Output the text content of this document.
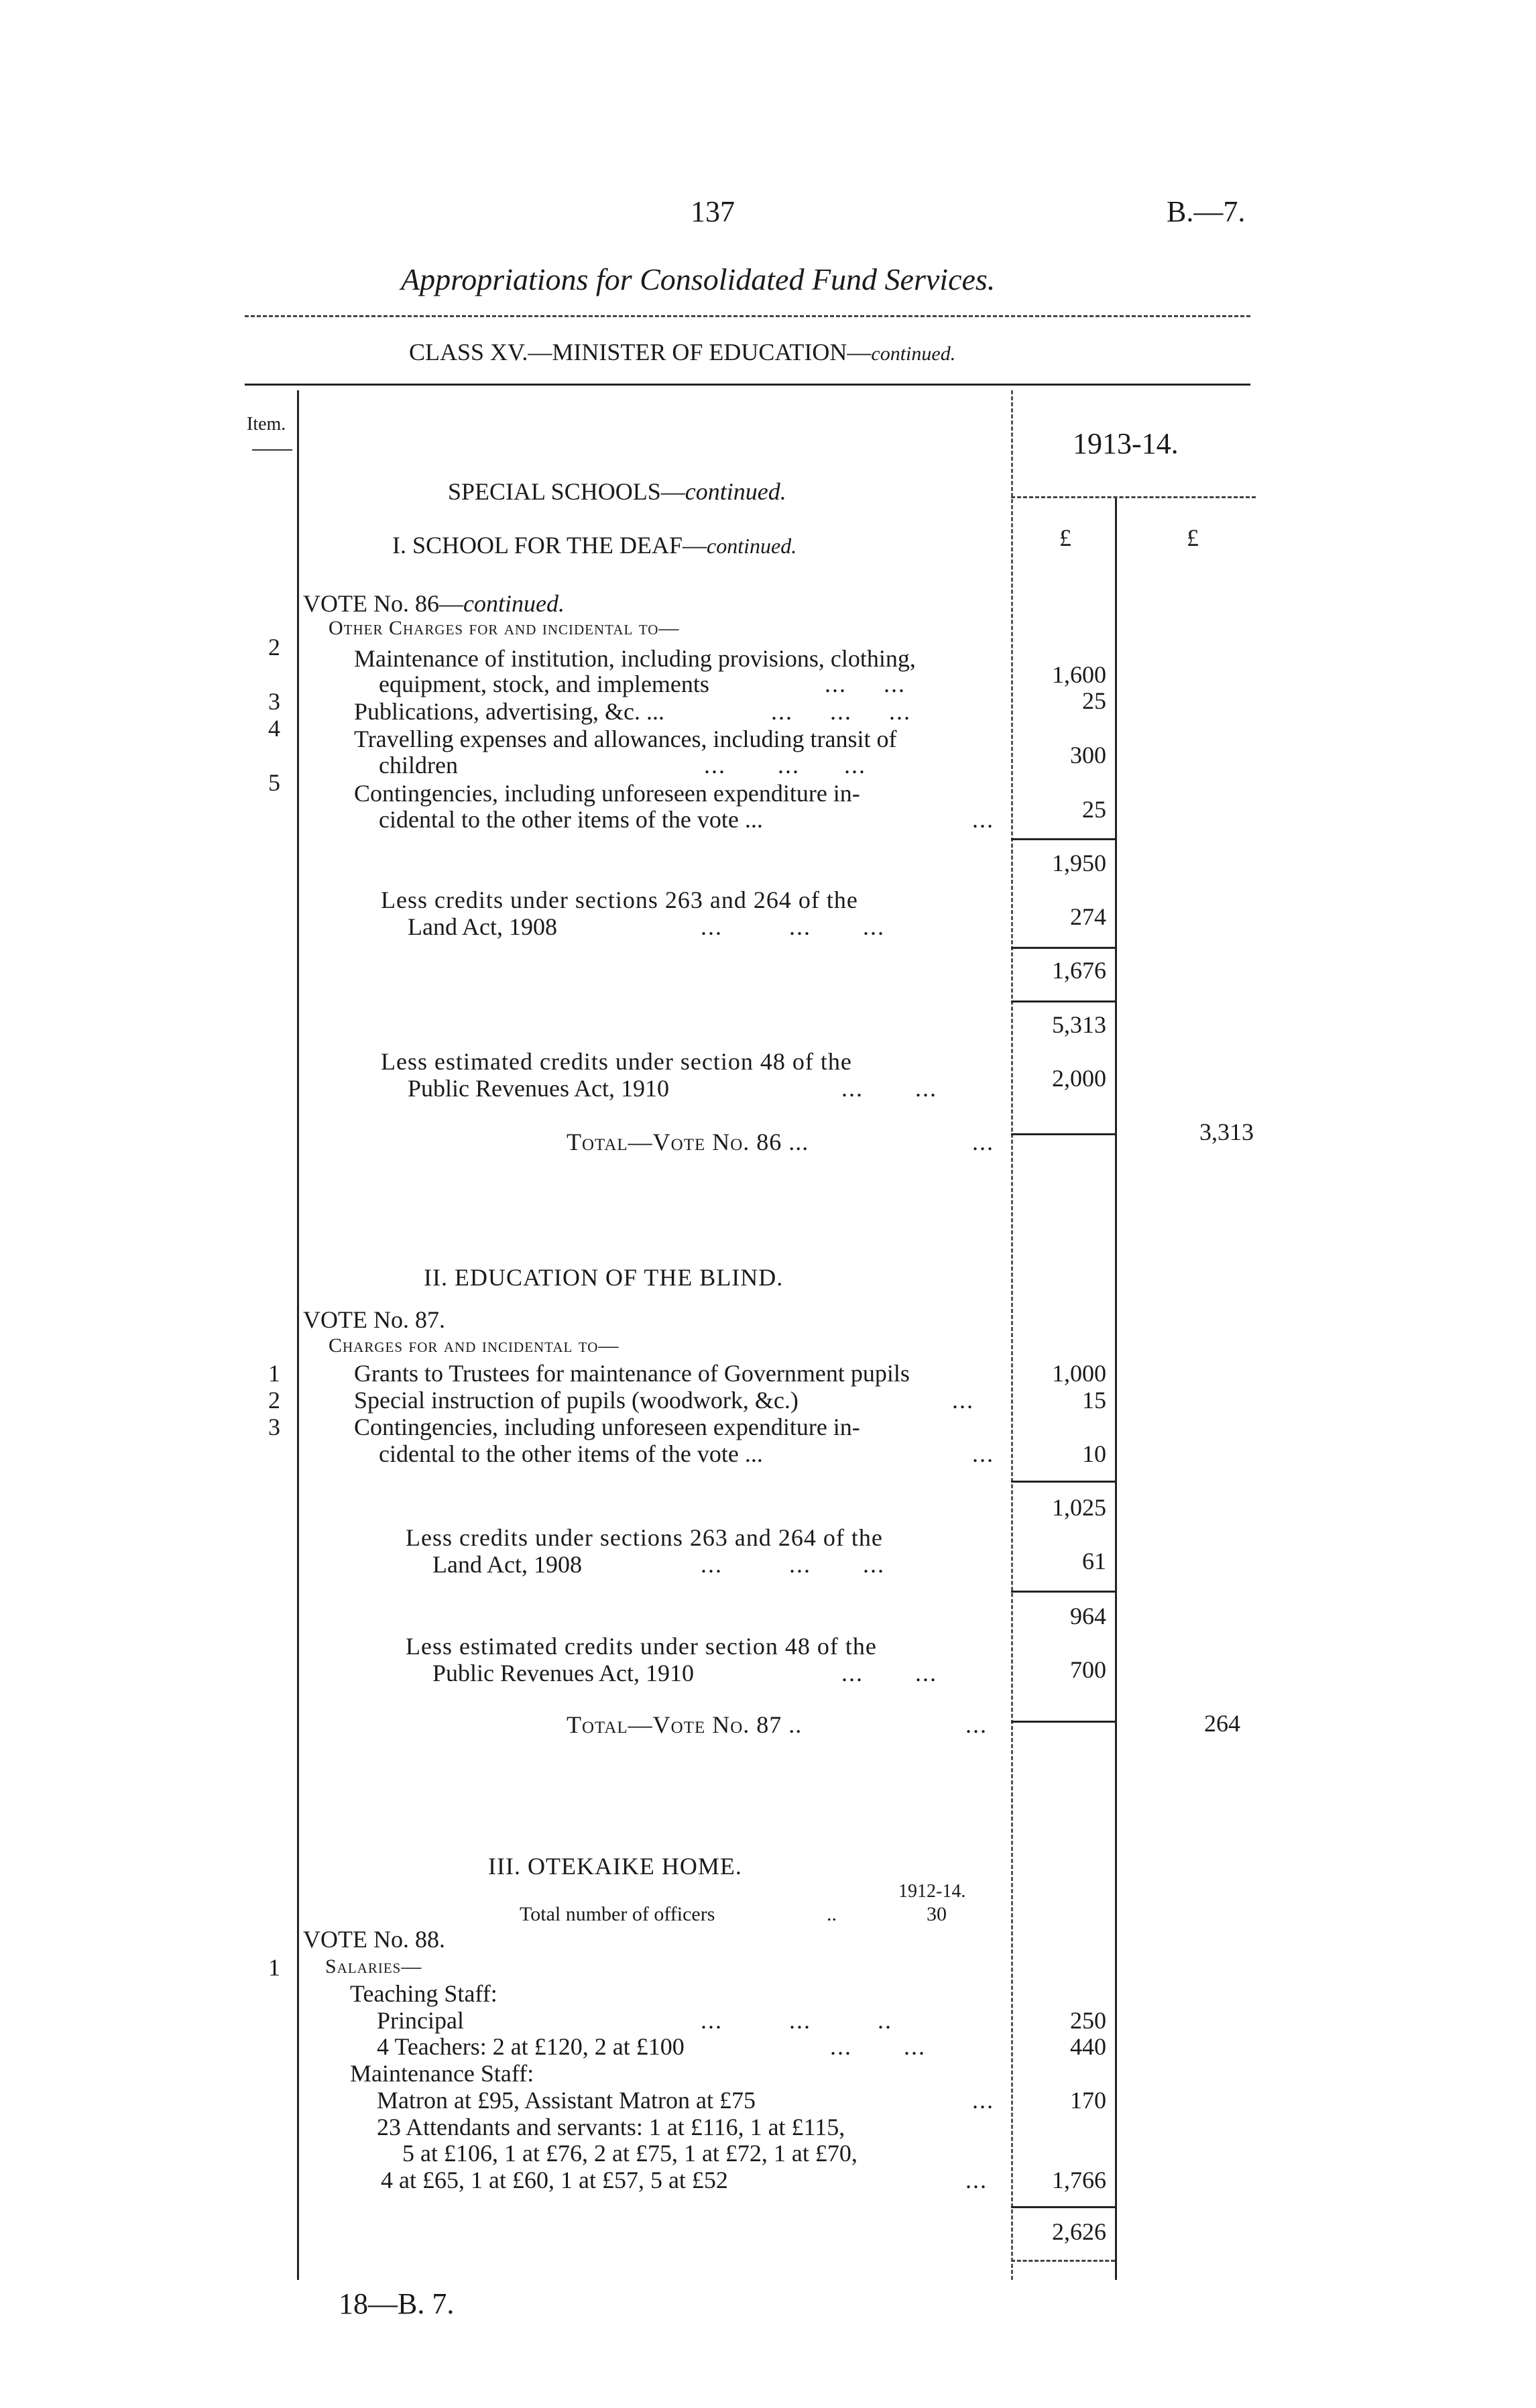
137	B.—7.
Appropriations for Consolidated Fund Services.
CLASS XV.—MINISTER OF EDUCATION—continued.
Item.
1913-14.
£	£
SPECIAL SCHOOLS—continued.
I. SCHOOL FOR THE DEAF—continued.
VOTE No. 86—continued.
Other Charges for and incidental to—
2	Maintenance of institution, including provisions, clothing,
equipment, stock, and implements	...     ...	1,600
3	Publications, advertising, &c. ...	...     ...     ...	25
4	Travelling expenses and allowances, including transit of
children	...       ...      ...	300
5	Contingencies, including unforeseen expenditure in-
cidental to the other items of the vote ...	...	25
1,950
Less credits under sections 263 and 264 of the
Land Act, 1908	...         ...       ...	274
1,676
5,313
Less estimated credits under section 48 of the
Public Revenues Act, 1910	...       ...	2,000
Total—Vote No. 86 ...	...	3,313
II. EDUCATION OF THE BLIND.
VOTE No. 87.
Charges for and incidental to—
1	Grants to Trustees for maintenance of Government pupils	1,000
2	Special instruction of pupils (woodwork, &c.)	...	15
3	Contingencies, including unforeseen expenditure in-
cidental to the other items of the vote ...	...	10
1,025
Less credits under sections 263 and 264 of the
Land Act, 1908	...         ...       ...	61
964
Less estimated credits under section 48 of the
Public Revenues Act, 1910	...       ...	700
Total—Vote No. 87 ..	...	264
III. OTEKAIKE HOME.
1912-14.
Total number of officers	..	30
VOTE No. 88.
1 Salaries—
Teaching Staff:
Principal	...         ...         ..	250
4 Teachers: 2 at £120, 2 at £100	...       ...	440
Maintenance Staff:
Matron at £95, Assistant Matron at £75	...	170
23 Attendants and servants: 1 at £116, 1 at £115,
5 at £106, 1 at £76, 2 at £75, 1 at £72, 1 at £70,
4 at £65, 1 at £60, 1 at £57, 5 at £52	...	1,766
2,626
18—B. 7.
